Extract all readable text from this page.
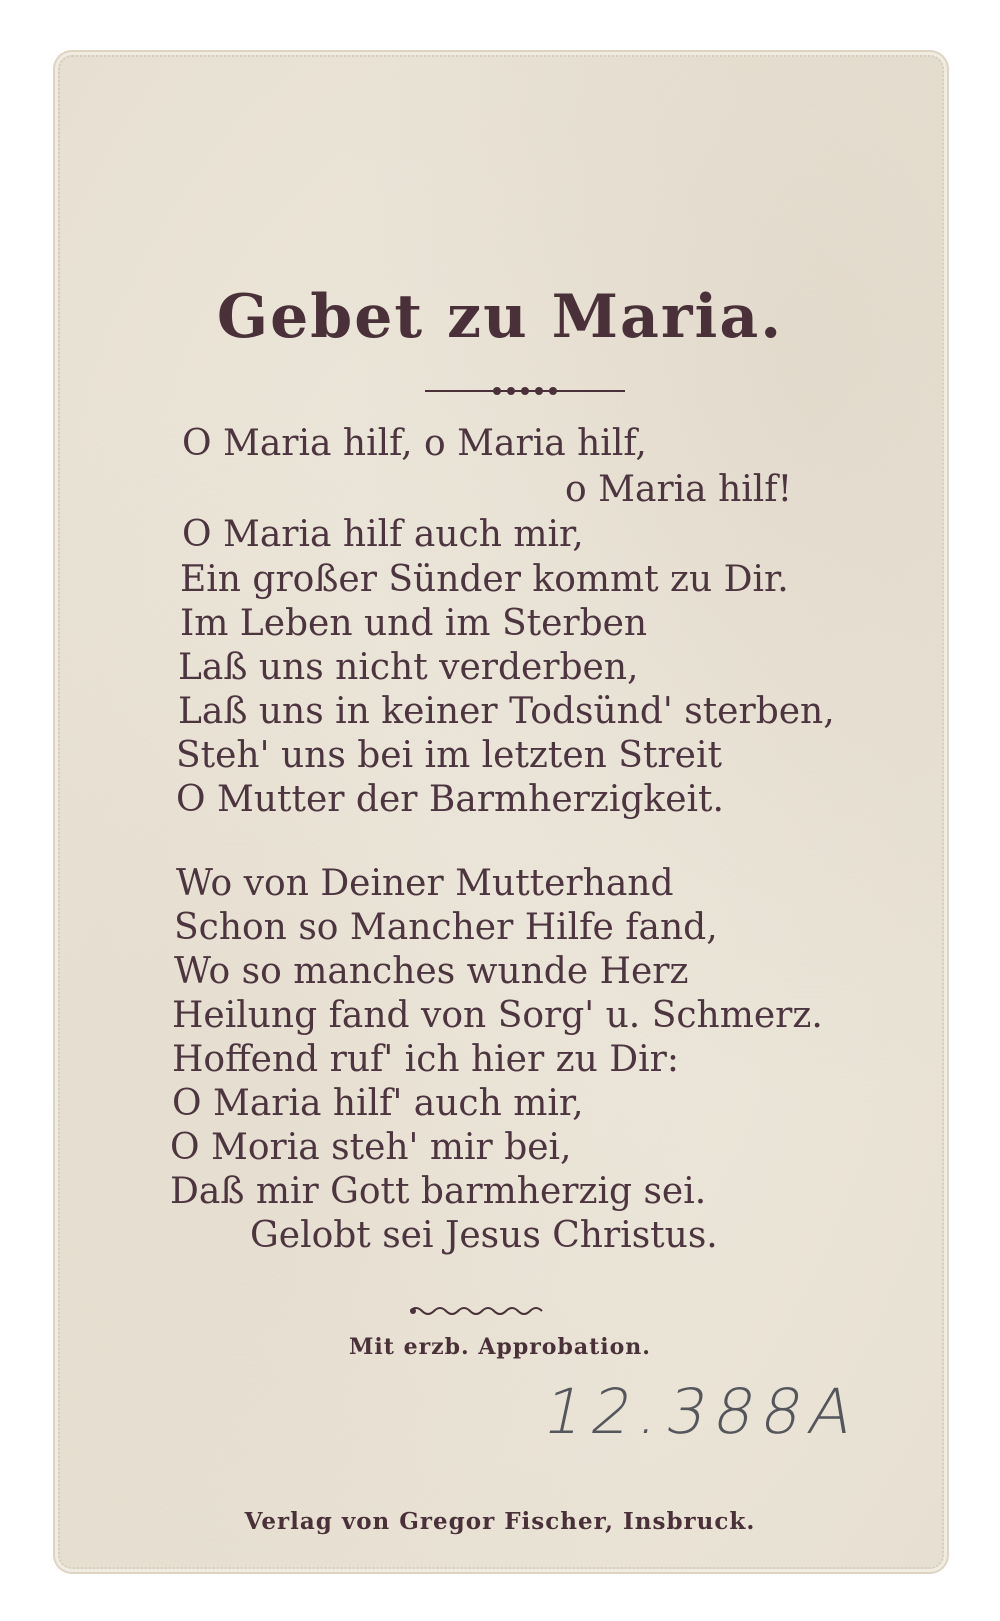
Gebet zu Maria.

O Maria hilf, o Maria hilf,

o Maria hilf!

O Maria hilf auch mir,

Ein großer Sünder kommt zu Dir.

Im Leben und im Sterben

Laß uns nicht verderben,

Laß uns in keiner Todsünd' sterben,

Steh' uns bei im letzten Streit

O Mutter der Barmherzigkeit.

Wo von Deiner Mutterhand

Schon so Mancher Hilfe fand,

Wo so manches wunde Herz

Heilung fand von Sorg' u. Schmerz.

Hoffend ruf' ich hier zu Dir:

O Maria hilf' auch mir,

O Moria steh' mir bei,

Daß mir Gott barmherzig sei.

Gelobt sei Jesus Christus.

Mit erzb. Approbation.
12.388A
Verlag von Gregor Fischer, Insbruck.
